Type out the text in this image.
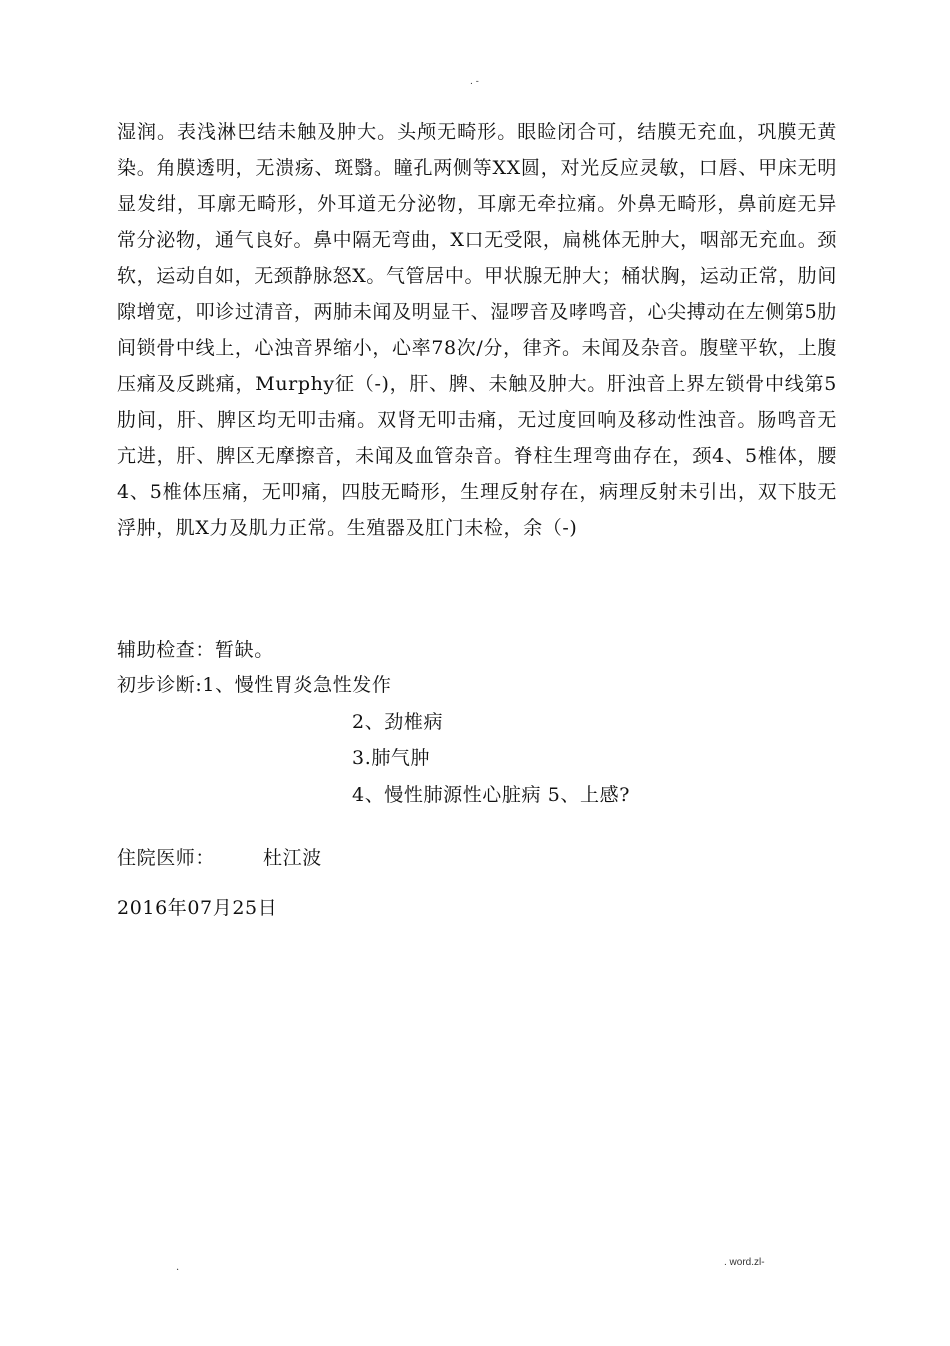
. -

湿润。表浅淋巴结未触及肿大。头颅无畸形。眼睑闭合可，结膜无充血，巩膜无黄染。角膜透明，无溃疡、斑翳。瞳孔两侧等XX圆，对光反应灵敏，口唇、甲床无明显发绀，耳廓无畸形，外耳道无分泌物，耳廓无牵拉痛。外鼻无畸形，鼻前庭无异常分泌物，通气良好。鼻中隔无弯曲，X口无受限，扁桃体无肿大，咽部无充血。颈软，运动自如，无颈静脉怒X。气管居中。甲状腺无肿大；桶状胸，运动正常，肋间隙增宽，叩诊过清音，两肺未闻及明显干、湿啰音及哮鸣音，心尖搏动在左侧第5肋间锁骨中线上，心浊音界缩小，心率78次/分，律齐。未闻及杂音。腹壁平软，上腹压痛及反跳痛，Murphy征（-)，肝、脾、未触及肿大。肝浊音上界左锁骨中线第5肋间，肝、脾区均无叩击痛。双肾无叩击痛，无过度回响及移动性浊音。肠鸣音无亢进，肝、脾区无摩擦音，未闻及血管杂音。脊柱生理弯曲存在，颈4、5椎体，腰4、5椎体压痛，无叩痛，四肢无畸形，生理反射存在，病理反射未引出，双下肢无浮肿，肌X力及肌力正常。生殖器及肛门未检，余（-)

辅助检查：暂缺。
初步诊断:1、慢性胃炎急性发作
2、劲椎病
3.肺气肿
4、慢性肺源性心脏病 5、上感?
住院医师：	杜江波
2016年07月25日
.	. word.zl-
